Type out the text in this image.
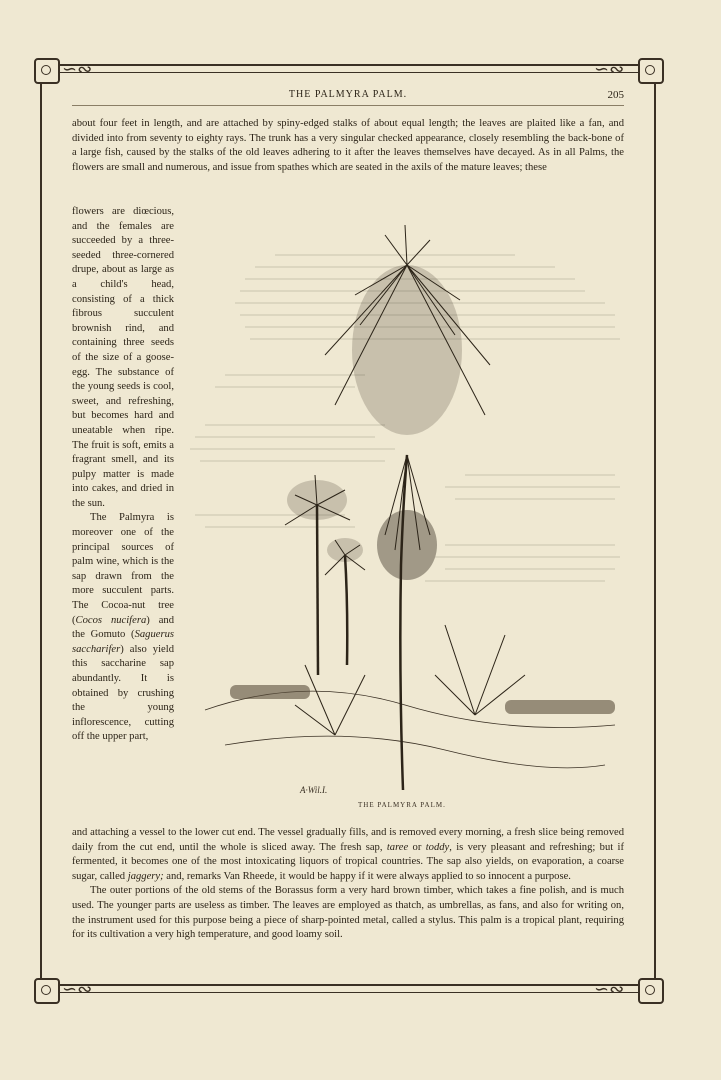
∽∾	∽∾
∽∾	∽∾
THE PALMYRA PALM.	205
about four feet in length, and are attached by spiny-edged stalks of about equal length; the leaves are plaited like a fan, and divided into from seventy to eighty rays. The trunk has a very singular checked appearance, closely resembling the back-bone of a large fish, caused by the stalks of the old leaves adhering to it after the leaves themselves have decayed. As in all Palms, the flowers are small and numerous, and issue from spathes which are seated in the axils of the mature leaves; these

flowers are diœcious, and the females are succeeded by a three-seeded three-cornered drupe, about as large as a child's head, consisting of a thick fibrous succulent brownish rind, and containing three seeds of the size of a goose-egg. The substance of the young seeds is cool, sweet, and refreshing, but becomes hard and uneatable when ripe. The fruit is soft, emits a fragrant smell, and its pulpy matter is made into cakes, and dried in the sun.

The Palmyra is moreover one of the principal sources of palm wine, which is the sap drawn from the more succulent parts. The Cocoa-nut tree (Cocos nucifera) and the Gomuto (Saguerus saccharifer) also yield this saccharine sap abundantly. It is obtained by crushing the young inflorescence, cutting off the upper part,

A·Wil.I.
THE PALMYRA PALM.

and attaching a vessel to the lower cut end. The vessel gradually fills, and is removed every morning, a fresh slice being removed daily from the cut end, until the whole is sliced away. The fresh sap, taree or toddy, is very pleasant and refreshing; but if fermented, it becomes one of the most intoxicating liquors of tropical countries. The sap also yields, on evaporation, a coarse sugar, called jaggery; and, remarks Van Rheede, it would be happy if it were always applied to so innocent a purpose.

The outer portions of the old stems of the Borassus form a very hard brown timber, which takes a fine polish, and is much used. The younger parts are useless as timber. The leaves are employed as thatch, as umbrellas, as fans, and also for writing on, the instrument used for this purpose being a piece of sharp-pointed metal, called a stylus. This palm is a tropical plant, requiring for its cultivation a very high temperature, and good loamy soil.
